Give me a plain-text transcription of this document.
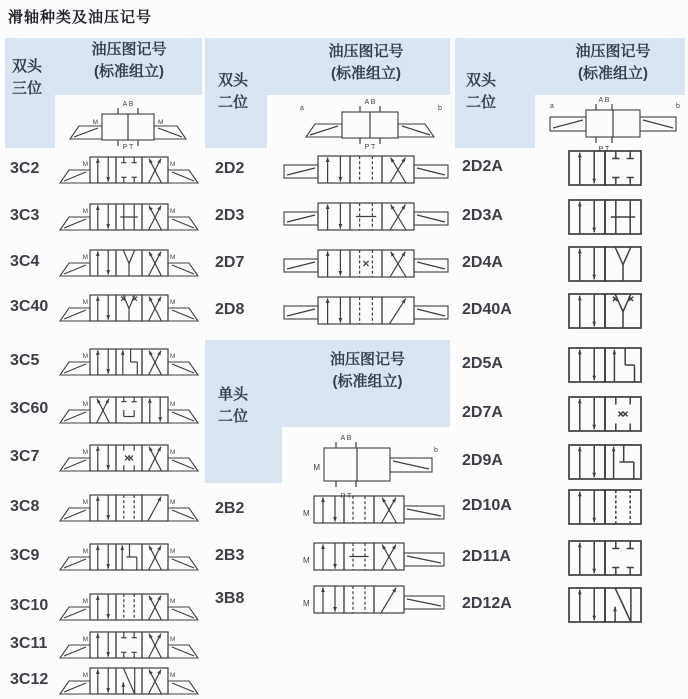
滑轴种类及油压记号
双头
三位	双头
二位
双头
二位
单头
二位
油压图记号
(标准组立)
油压图记号
(标准组立)
油压图记号
(标准组立)
油压图记号
(标准组立)
A B
P T
M	M
A B
P T
a	b	a	b
A B
P T
A B
M
b
P T
3C2	M	M
3C3	M	M
3C4	M	M
3C40	M	M
3C5	M	M
3C60	M	M
3C7	M	M
3C8	M	M
3C9	M	M
3C10	M	M
3C11	M	M
3C12	M	M
2D2
2D3
2D7
2D8
2B2	M
2B3	M
3B8	M
2D2A
2D3A
2D4A
2D40A
2D5A
2D7A
2D9A
2D10A
2D11A
2D12A
